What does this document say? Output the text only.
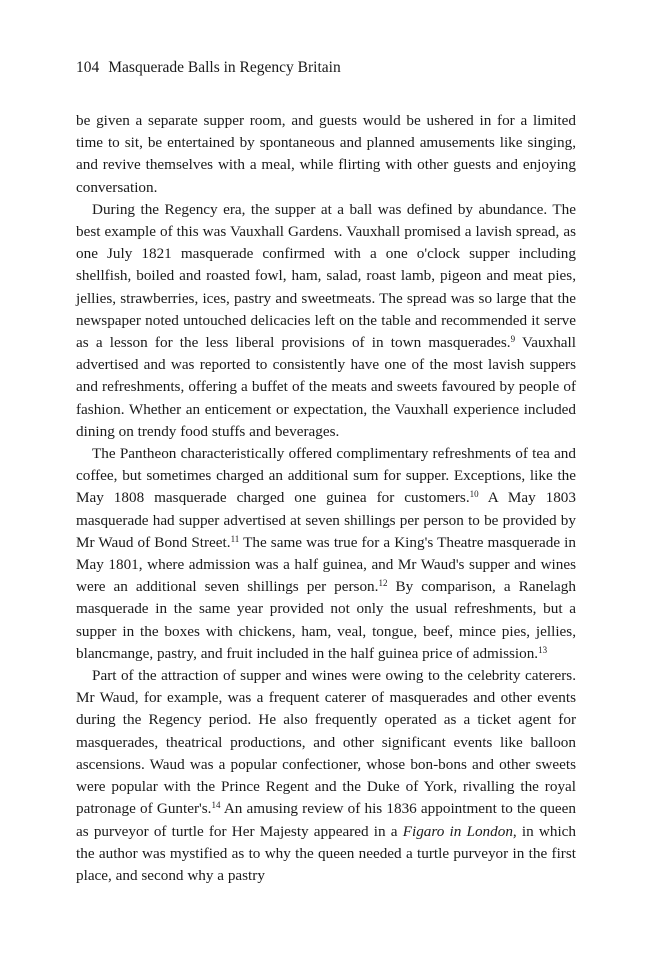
104 Masquerade Balls in Regency Britain

be given a separate supper room, and guests would be ushered in for a limited time to sit, be entertained by spontaneous and planned amusements like singing, and revive themselves with a meal, while flirting with other guests and enjoying conversation.

During the Regency era, the supper at a ball was defined by abundance. The best example of this was Vauxhall Gardens. Vauxhall promised a lavish spread, as one July 1821 masquerade confirmed with a one o'clock supper including shellfish, boiled and roasted fowl, ham, salad, roast lamb, pigeon and meat pies, jellies, strawberries, ices, pastry and sweetmeats. The spread was so large that the newspaper noted untouched delicacies left on the table and recommended it serve as a lesson for the less liberal provisions of in town masquerades.$^9$ Vauxhall advertised and was reported to consistently have one of the most lavish suppers and refreshments, offering a buffet of the meats and sweets favoured by people of fashion. Whether an enticement or expectation, the Vauxhall experience included dining on trendy food stuffs and beverages.

The Pantheon characteristically offered complimentary refreshments of tea and coffee, but sometimes charged an additional sum for supper. Exceptions, like the May 1808 masquerade charged one guinea for customers.$^{10}$ A May 1803 masquerade had supper advertised at seven shillings per person to be provided by Mr Waud of Bond Street.$^{11}$ The same was true for a King's Theatre masquerade in May 1801, where admission was a half guinea, and Mr Waud's supper and wines were an additional seven shillings per person.$^{12}$ By comparison, a Ranelagh masquerade in the same year provided not only the usual refreshments, but a supper in the boxes with chickens, ham, veal, tongue, beef, mince pies, jellies, blancmange, pastry, and fruit included in the half guinea price of admission.$^{13}$

Part of the attraction of supper and wines were owing to the celebrity caterers. Mr Waud, for example, was a frequent caterer of masquerades and other events during the Regency period. He also frequently operated as a ticket agent for masquerades, theatrical productions, and other significant events like balloon ascensions. Waud was a popular confectioner, whose bon-bons and other sweets were popular with the Prince Regent and the Duke of York, rivalling the royal patronage of Gunter's.$^{14}$ An amusing review of his 1836 appointment to the queen as purveyor of turtle for Her Majesty appeared in a Figaro in London, in which the author was mystified as to why the queen needed a turtle purveyor in the first place, and second why a pastry
